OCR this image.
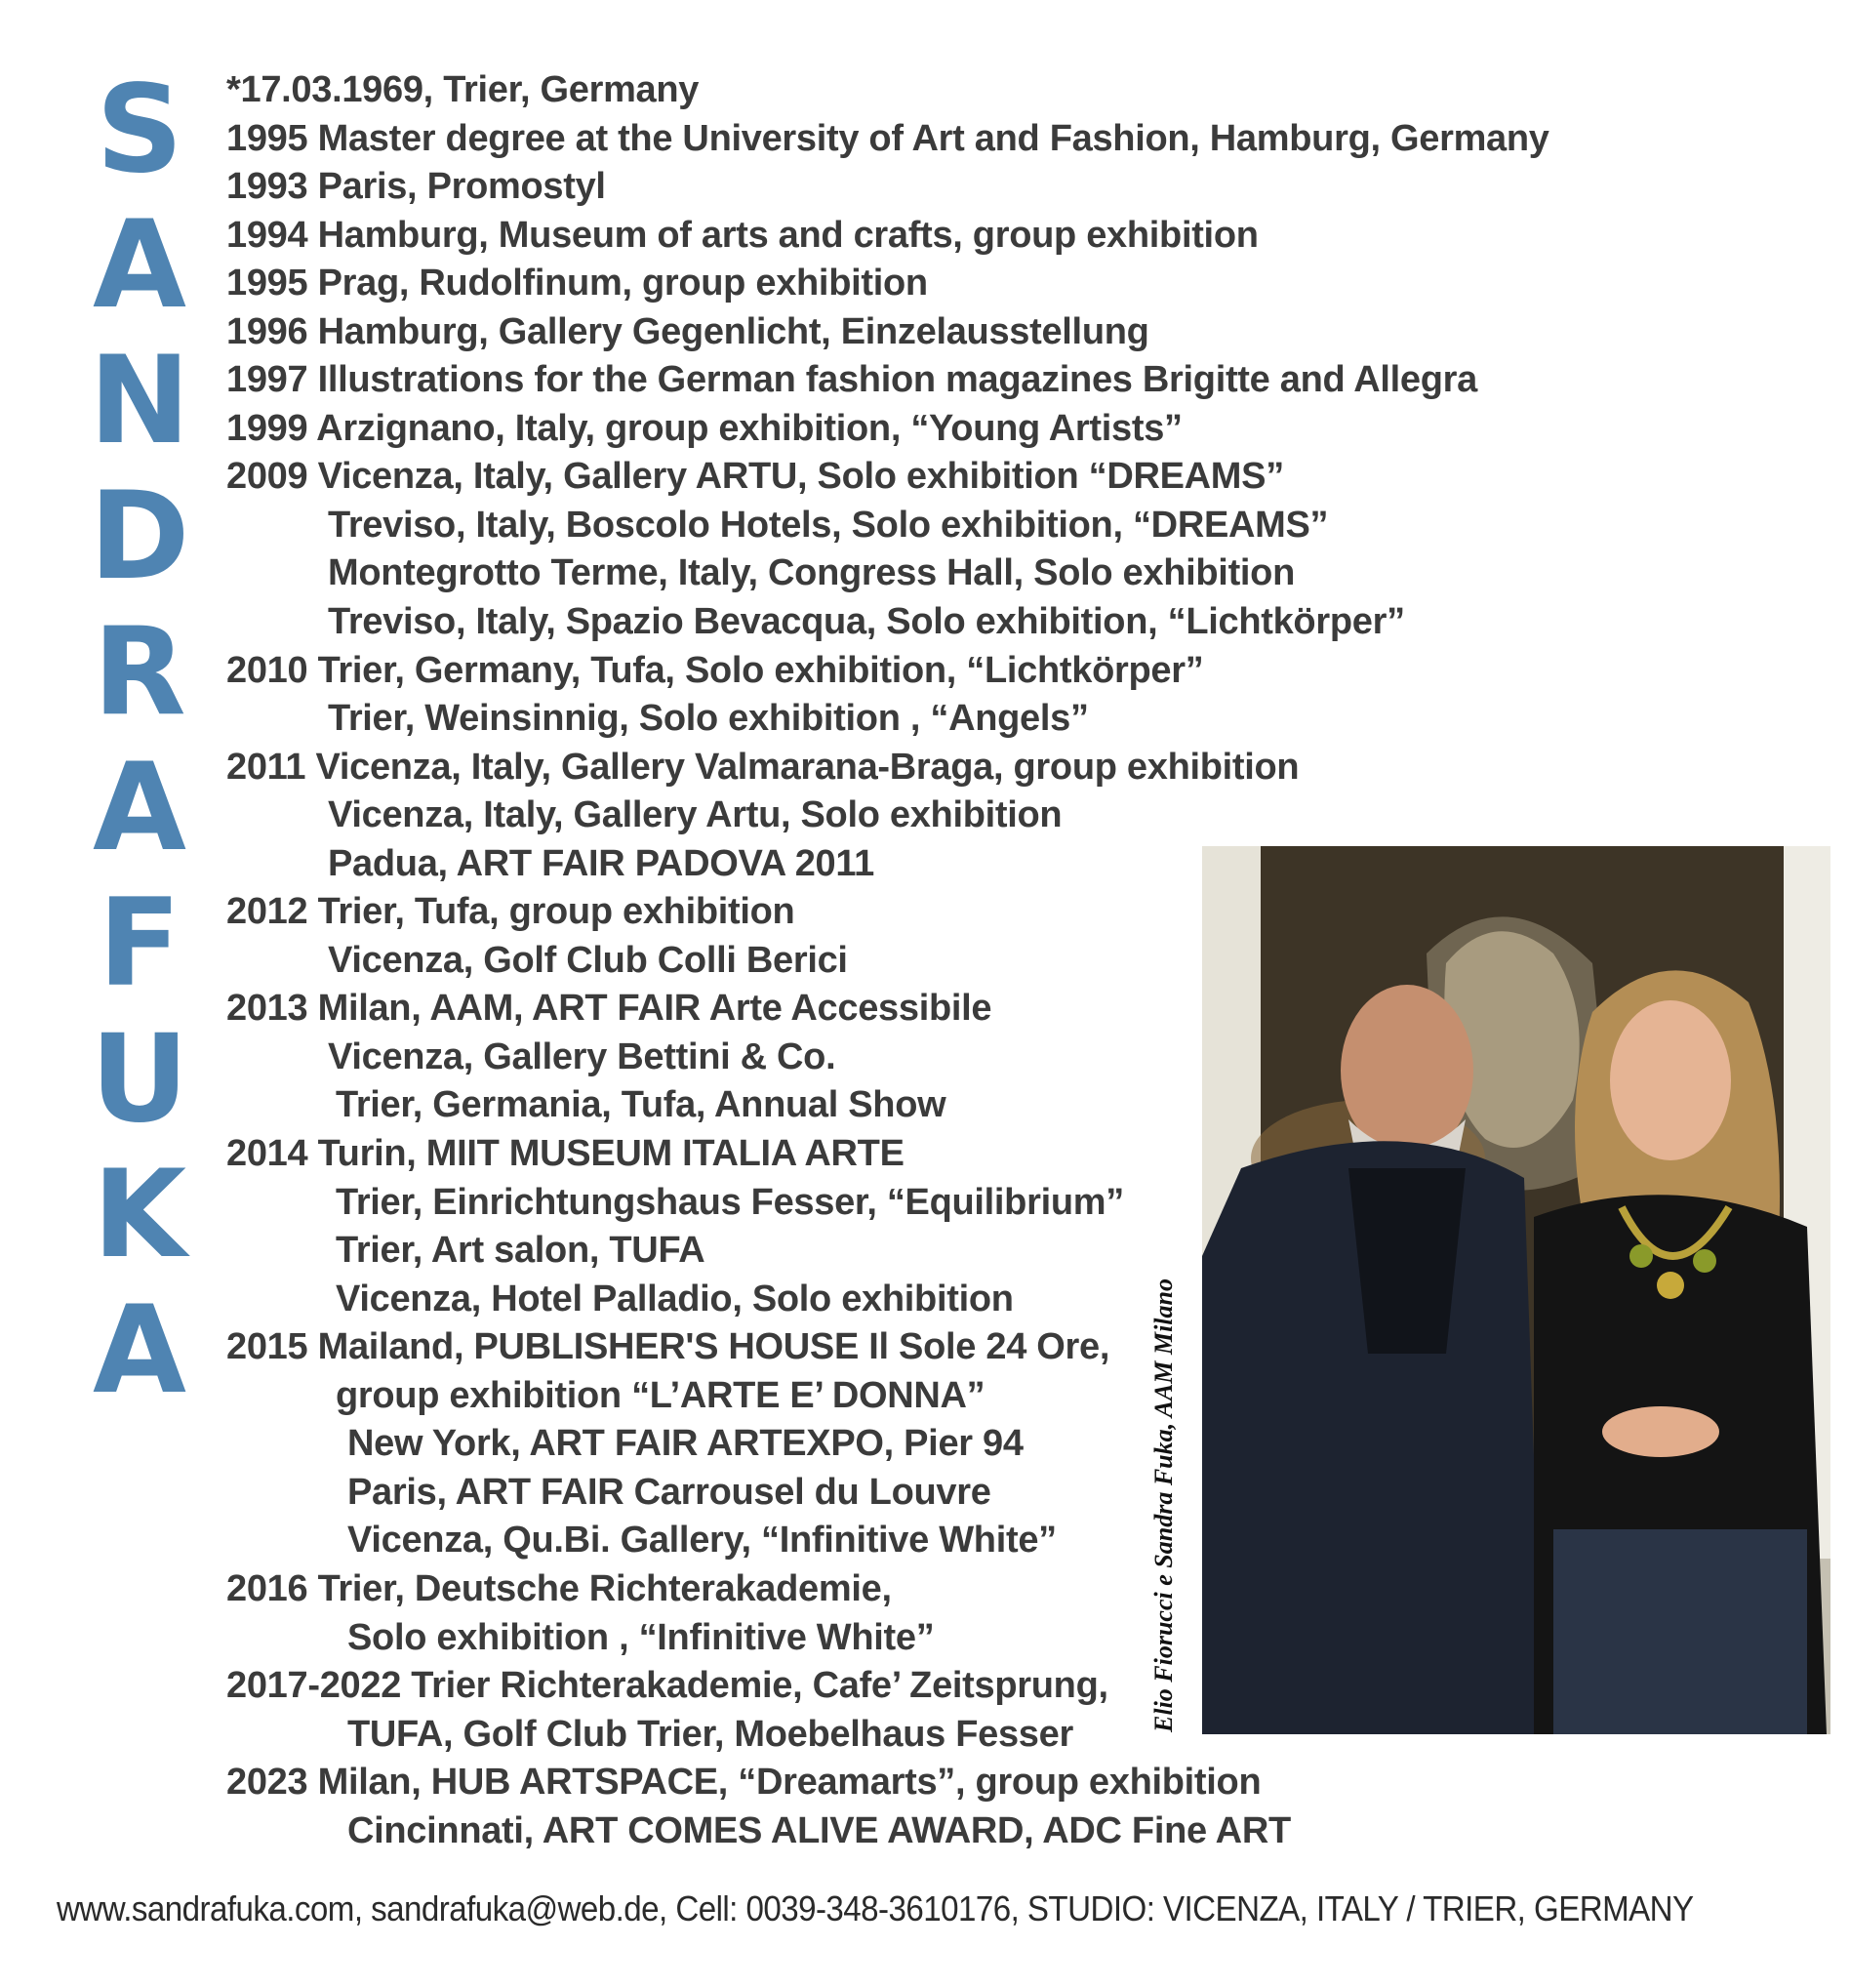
S
A
N
D
R
A
F
U
K
A
*17.03.1969, Trier, Germany
1995 Master degree at the University of Art and Fashion, Hamburg, Germany
1993 Paris, Promostyl
1994 Hamburg, Museum of arts and crafts, group exhibition
1995 Prag, Rudolfinum, group exhibition
1996 Hamburg, Gallery Gegenlicht, Einzelausstellung
1997 Illustrations for the German fashion magazines Brigitte and Allegra
1999 Arzignano, Italy, group exhibition, “Young Artists”
2009 Vicenza, Italy, Gallery ARTU, Solo exhibition “DREAMS”
Treviso, Italy, Boscolo Hotels, Solo exhibition, “DREAMS”
Montegrotto Terme, Italy, Congress Hall, Solo exhibition
Treviso, Italy, Spazio Bevacqua, Solo exhibition, “Lichtkörper”
2010 Trier, Germany, Tufa, Solo exhibition, “Lichtkörper”
Trier, Weinsinnig, Solo exhibition , “Angels”
2011 Vicenza, Italy, Gallery Valmarana-Braga, group exhibition
Vicenza, Italy, Gallery Artu, Solo exhibition
Padua, ART FAIR PADOVA 2011
2012 Trier, Tufa, group exhibition
Vicenza, Golf Club Colli Berici
2013 Milan, AAM, ART FAIR Arte Accessibile
Vicenza, Gallery Bettini & Co.
Trier, Germania, Tufa, Annual Show
2014 Turin, MIIT MUSEUM ITALIA ARTE
Trier, Einrichtungshaus Fesser, “Equilibrium”
Trier, Art salon, TUFA
Vicenza, Hotel Palladio, Solo exhibition
2015 Mailand, PUBLISHER'S HOUSE Il Sole 24 Ore,
group exhibition “L’ARTE E’ DONNA”
New York, ART FAIR ARTEXPO, Pier 94
Paris, ART FAIR Carrousel du Louvre
Vicenza, Qu.Bi. Gallery, “Infinitive White”
2016 Trier, Deutsche Richterakademie,
Solo exhibition , “Infinitive White”
2017-2022 Trier Richterakademie, Cafe’ Zeitsprung,
TUFA, Golf Club Trier, Moebelhaus Fesser
2023 Milan, HUB ARTSPACE, “Dreamarts”, group exhibition
Cincinnati, ART COMES ALIVE AWARD, ADC Fine ART
Elio Fiorucci e Sandra Fuka, AAM Milano
www.sandrafuka.com, sandrafuka@web.de, Cell: 0039-348-3610176, STUDIO: VICENZA, ITALY / TRIER, GERMANY
